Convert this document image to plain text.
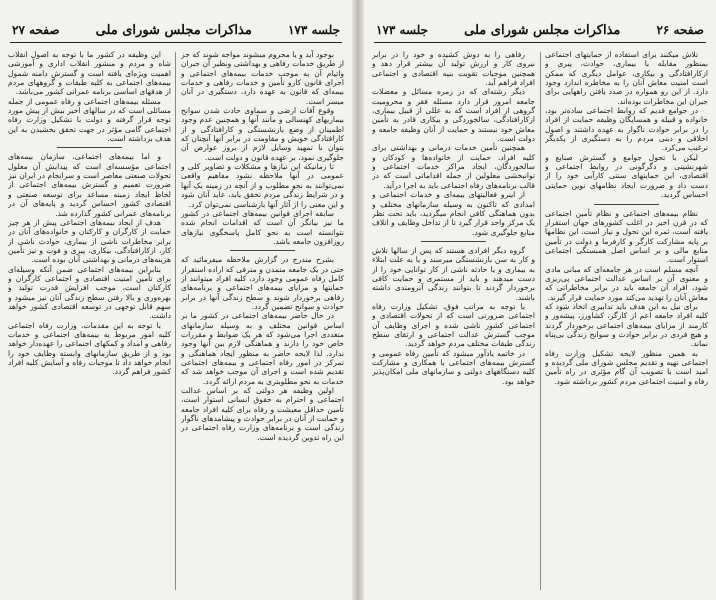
جلسه ۱۷۳
مذاکرات مجلس شورای ملی
صفحه ۲۷

بوجود آید و یا محروم میشوند مواجه شوند که جز از طریق خدمات رفاهی و بهداشتی ونظیر آن جبران واتیام آن به موجب خدمات بیمه‌های اجتماعی و اجرای قانون کارو تأمین و خدمات رفاهی و خدمات بیمه‌ای که قانون به عهده دارد، دستگیری در آنان میسر است.

وقوع آفات ارضی و سماوی حادث شدن سوانح بیماریهای کهنسالی و مانند آنها و همچنین عدم وجود اطمینان از وضع بازنشستگی و کارافتادگی و از کارافتادگی خویش و مقاومت در برابر آنها آنچنان که بتوان با تمهید وسایل لازم از بروز عوارض آن جلوگیری نمود، بر عهده قانون و دولت است.

تا زمانیکه این نیازها و مشکلات و تصاویر کلی و عمومی در آنها ملاحظه نشود مفاهیم واقعی نمی‌توانند به نحو مطلوب و از آنچه در زمینه یک آنها و در شرایط زندگی مردم تحقق یابد، عاید آنان شود و این معنی را از آثار آنها بازشناسی نمی‌توان کرد.

سابقه اجرای قوانین بیمه‌های اجتماعی در کشور ما نیز بیانگر آن است که اقدامات انجام شده نتوانسته است به نحو کامل پاسخگوی نیازهای روزافزون جامعه باشد.

بشرح مندرج در گزارش ملاحظه میفرمائید که حتی در یک جامعه متمدن و مترقی که اراده استقرار کامل رفاه عمومی وجود دارد، کلیه افراد میتوانند از حمایتها و مزایای بیمه‌های اجتماعی و برنامه‌های رفاهی برخوردار شوند و سطح زندگی آنها در برابر حوادث و سوانح تضمین گردد.

در حال حاضر بیمه‌های اجتماعی در کشور ما بر اساس قوانین مختلف و به وسیله سازمانهای متعددی اجرا می‌شود که هر یک ضوابط و مقررات خاص خود را دارند و هماهنگی لازم بین آنها وجود ندارد. لذا لایحه حاضر به منظور ایجاد هماهنگی و تمرکز در امور رفاه اجتماعی و بیمه‌های اجتماعی تقدیم شده است و اجرای آن موجب خواهد شد که خدمات به نحو مطلوبتری به مردم ارائه گردد.

اولین وظیفه هر دولتی که بر اساس عدالت اجتماعی و احترام به حقوق انسانی استوار است، تأمین حداقل معیشت و رفاه برای کلیه افراد جامعه و حمایت از آنان در برابر حوادث و پیشامدهای ناگوار زندگی است و برنامه‌های وزارت رفاه اجتماعی در این راه تدوین گردیده است.

این وظیفه در کشور ما با توجه به اصول انقلاب شاه و مردم و منشور انقلاب اداری و آموزشی اهمیت ویژه‌ای یافته است و گسترش دامنه شمول بیمه‌های اجتماعی به کلیه طبقات و گروههای مردم از هدفهای اساسی برنامه عمرانی کشور می‌باشد.

مسئله بیمه‌های اجتماعی و رفاه عمومی از جمله مسائلی است که در سالهای اخیر بیش از پیش مورد توجه قرار گرفته و دولت با تشکیل وزارت رفاه اجتماعی گامی مؤثر در جهت تحقق بخشیدن به این هدف برداشته است.

و اما بیمه‌های اجتماعی، سازمان بیمه‌های اجتماعی مؤسسه‌ای است که پیدایش آن معلول تحولات صنعتی معاصر است و سرانجام در ایران نیز ضرورت تعمیم و گسترش بیمه‌های اجتماعی از لحاظ ایجاد زمینه مساعد برای توسعه صنعتی و اقتصادی کشور احساس گردید و پایه‌های آن در برنامه‌های عمرانی کشور گذارده شد.

هدف از ایجاد بیمه‌های اجتماعی پیش از هر چیز حمایت از کارگران و کارکنان و خانواده‌های آنان در برابر مخاطرات ناشی از بیماری، حوادث ناشی از کار، ازکارافتادگی، بیکاری، پیری و فوت و نیز تأمین هزینه‌های درمانی و بهداشتی آنان بوده است.

بنابراین بیمه‌های اجتماعی ضمن آنکه وسیله‌ای برای تأمین امنیت اقتصادی و اجتماعی کارگران و کارکنان است، موجب افزایش قدرت تولید و بهره‌وری و بالا رفتن سطح زندگی آنان نیز میشود و سهم قابل توجهی در توسعه اقتصادی کشور خواهد داشت.

با توجه به این مقدمات، وزارت رفاه اجتماعی کلیه امور مربوط به بیمه‌های اجتماعی و خدمات رفاهی و امداد و کمکهای اجتماعی را عهده‌دار خواهد بود و از طریق سازمانهای وابسته وظایف خود را انجام خواهد داد تا موجبات رفاه و آسایش کلیه افراد کشور فراهم گردد.

صفحه ۲۶
مذاکرات مجلس شورای ملی
جلسه ۱۷۳

تلاش میکنند برای استفاده از حمایتهای اجتماعی بمنظور مقابله با بیماری، حوادث، پیری و ازکارافتادگی و بیکاری، عوامل دیگری که ممکن است امنیت معاش آنان را به مخاطره اندازد وجود دارد. از این رو همواره در صدد یافتن راههایی برای جبران این مخاطرات بوده‌اند.

در جوامع قدیم که روابط اجتماعی ساده‌تر بود، خانواده و قبیله و همسایگان وظیفه حمایت از افراد را در برابر حوادث ناگوار به عهده داشتند و اصول اخلاقی و دینی مردم را به دستگیری از یکدیگر ترغیب می‌کرد.

لیکن با تحول جوامع و گسترش صنایع و شهرنشینی و دگرگونی در روابط اجتماعی و اقتصادی، این حمایتهای سنتی کارآیی خود را از دست داد و ضرورت ایجاد نظامهای نوین حمایتی احساس گردید.

نظام بیمه‌های اجتماعی و نظام تأمین اجتماعی که در قرن اخیر در اغلب کشورهای جهان استقرار یافته است، ثمره این تحول و نیاز است. این نظامها بر پایه مشارکت کارگر و کارفرما و دولت در تأمین منابع مالی و بر اساس اصل همبستگی اجتماعی استوار است.

آنچه مسلم است در هر جامعه‌ای که مبانی مادی و معنوی آن بر اساس عدالت اجتماعی پی‌ریزی شود، افراد آن جامعه باید در برابر مخاطراتی که معاش آنان را تهدید می‌کند مورد حمایت قرار گیرند.

برای نیل به این هدف باید تدابیری اتخاذ شود که کلیه افراد جامعه اعم از کارگر، کشاورز، پیشه‌ور و کارمند از مزایای بیمه‌های اجتماعی برخوردار گردند و هیچ فردی در برابر حوادث و سوانح زندگی بی‌پناه نماند.

به همین منظور لایحه تشکیل وزارت رفاه اجتماعی تهیه و تقدیم مجلس شورای ملی گردیده و امید است با تصویب آن گام مؤثری در راه تأمین رفاه و امنیت اجتماعی مردم کشور برداشته شود.

رفاهی را به دوش کشیده و خود را در برابر نیروی کار و ارزش تولید آن بیشتر قرار دهد و همچنین موجبات تقویت بنیه اقتصادی و اجتماعی افراد فراهم آید.

دیگر رشته‌ای که در زمره مسائل و معضلات جامعه امروز قرار دارد مسئله فقر و محرومیت گروهی از افراد است که به عللی از قبیل بیماری، ازکارافتادگی، سالخوردگی و بیکاری قادر به تأمین معاش خود نیستند و حمایت از آنان وظیفه جامعه و دولت است.

همچنین تأمین خدمات درمانی و بهداشتی برای کلیه افراد، حمایت از خانواده‌ها و کودکان و سالخوردگان، ایجاد مراکز خدمات اجتماعی و توانبخشی معلولین از جمله اقداماتی است که در قالب برنامه‌های رفاه اجتماعی باید به اجرا درآید.

از اینرو فعالیتهای بیمه‌ای و خدمات اجتماعی و امدادی که تاکنون به وسیله سازمانهای مختلف و بدون هماهنگی کافی انجام میگردید، باید تحت نظر یک مرکز واحد قرار گیرد تا از تداخل وظایف و اتلاف منابع جلوگیری شود.

گروه دیگر افرادی هستند که پس از سالها تلاش و کار به سن بازنشستگی میرسند و یا به علت ابتلاء به بیماری و یا حادثه ناشی از کار توانایی خود را از دست میدهند و باید از مستمری و حمایت کافی برخوردار گردند تا بتوانند زندگی آبرومندی داشته باشند.

با توجه به مراتب فوق، تشکیل وزارت رفاه اجتماعی ضرورتی است که از تحولات اقتصادی و اجتماعی کشور ناشی شده و اجرای وظایف آن موجب گسترش عدالت اجتماعی و ارتقای سطح زندگی طبقات مختلف مردم خواهد گردید.

در خاتمه یادآور میشود که تأمین رفاه عمومی و گسترش بیمه‌های اجتماعی با همکاری و مشارکت کلیه دستگاههای دولتی و سازمانهای ملی امکان‌پذیر خواهد بود.
